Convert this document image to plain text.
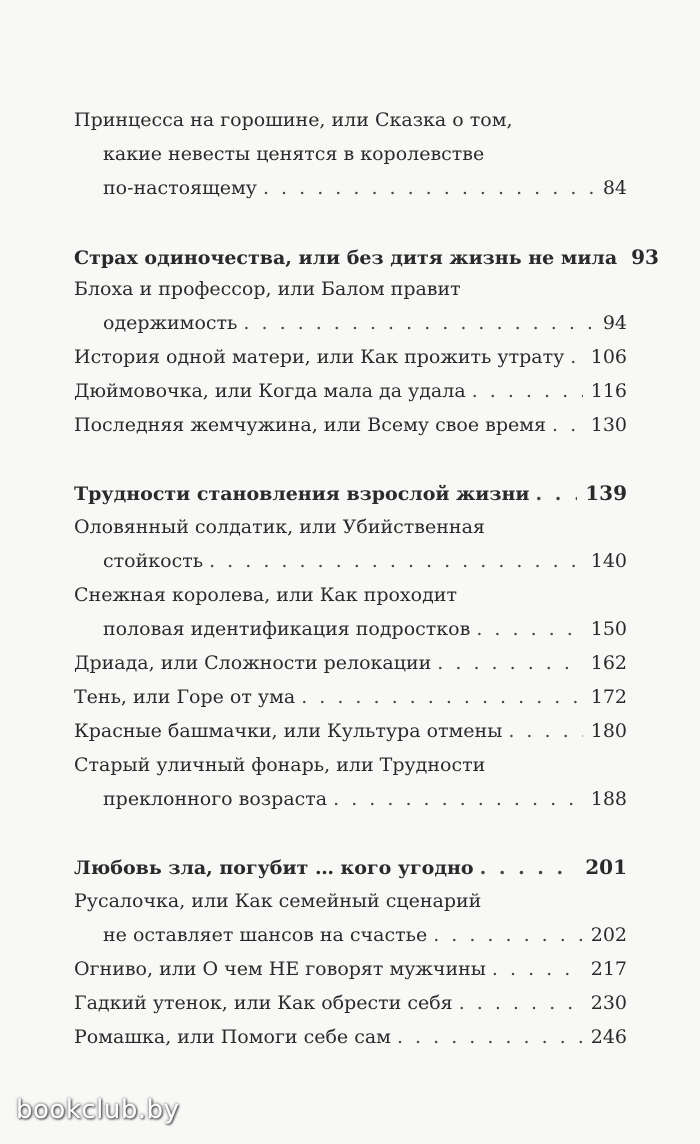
Принцесса на горошине, или Сказка о том,
какие невесты ценятся в королевстве
по-настоящему . . .	84
Страх одиночества, или без дитя жизнь не мила 93
Блоха и профессор, или Балом правит
одержимость . . .	94
История одной матери, или Как прожить утрату . . . 106
Дюймовочка, или Когда мала да удала . . .	116
Последняя жемчужина, или Всему свое время . . . 130
Трудности становления взрослой жизни . . .	139
Оловянный солдатик, или Убийственная
стойкость . . .	140
Снежная королева, или Как проходит
половая идентификация подростков . . .	150
Дриада, или Сложности релокации . . .	162
Тень, или Горе от ума . . .	172
Красные башмачки, или Культура отмены . . .	180
Старый уличный фонарь, или Трудности
преклонного возраста . . .	188
Любовь зла, погубит … кого угодно . . .	201
Русалочка, или Как семейный сценарий
не оставляет шансов на счастье . . .	202
Огниво, или О чем НЕ говорят мужчины . . .	217
Гадкий утенок, или Как обрести себя . . .	230
Ромашка, или Помоги себе сам . . .	246
bookclub.by
